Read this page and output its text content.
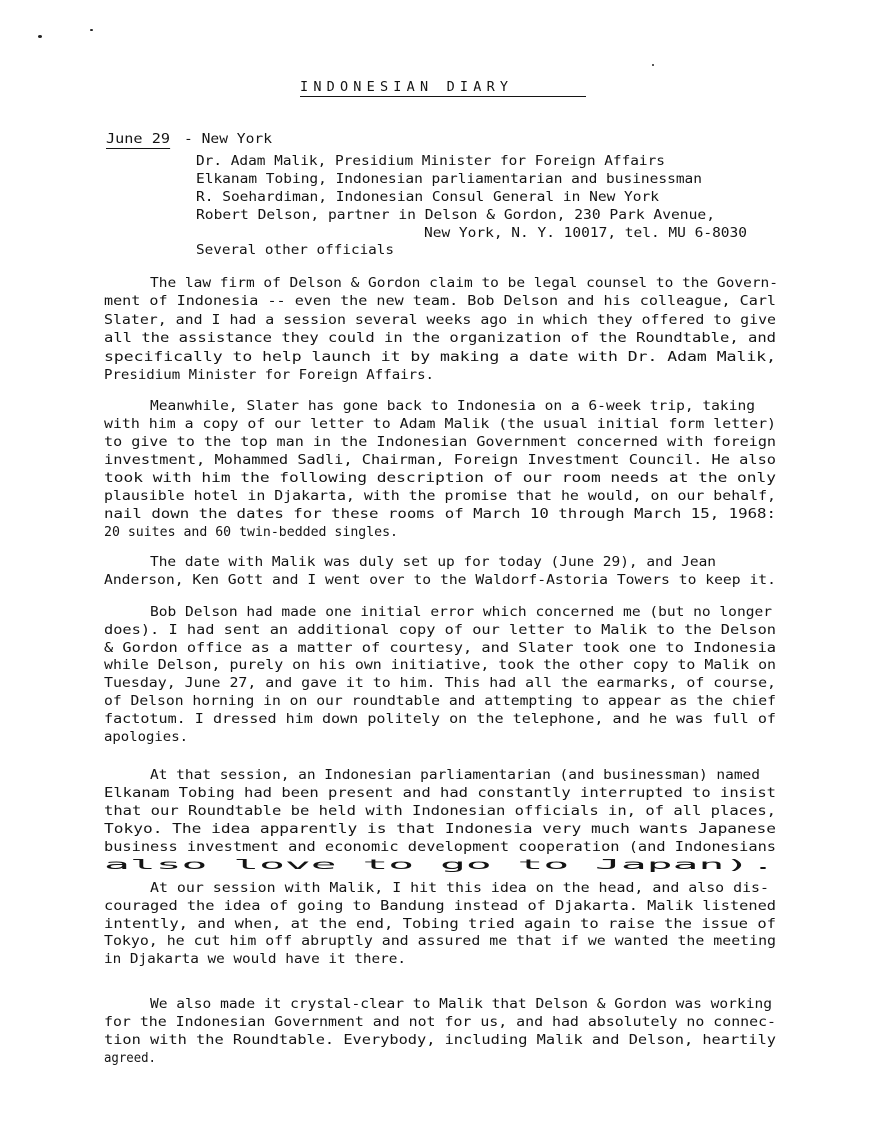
INDONESIAN DIARY
June 29 - New York
Dr. Adam Malik, Presidium Minister for Foreign Affairs
Elkanam Tobing, Indonesian parliamentarian and businessman
R. Soehardiman, Indonesian Consul General in New York
Robert Delson, partner in Delson & Gordon, 230 Park Avenue,
New York, N. Y. 10017, tel. MU 6-8030
Several other officials
The law firm of Delson & Gordon claim to be legal counsel to the Govern-
ment of Indonesia -- even the new team. Bob Delson and his colleague, Carl
Slater, and I had a session several weeks ago in which they offered to give
all the assistance they could in the organization of the Roundtable, and
specifically to help launch it by making a date with Dr. Adam Malik,
Presidium Minister for Foreign Affairs.
Meanwhile, Slater has gone back to Indonesia on a 6-week trip, taking
with him a copy of our letter to Adam Malik (the usual initial form letter)
to give to the top man in the Indonesian Government concerned with foreign
investment, Mohammed Sadli, Chairman, Foreign Investment Council. He also
took with him the following description of our room needs at the only
plausible hotel in Djakarta, with the promise that he would, on our behalf,
nail down the dates for these rooms of March 10 through March 15, 1968:
20 suites and 60 twin-bedded singles.
The date with Malik was duly set up for today (June 29), and Jean
Anderson, Ken Gott and I went over to the Waldorf-Astoria Towers to keep it.
Bob Delson had made one initial error which concerned me (but no longer
does). I had sent an additional copy of our letter to Malik to the Delson
& Gordon office as a matter of courtesy, and Slater took one to Indonesia
while Delson, purely on his own initiative, took the other copy to Malik on
Tuesday, June 27, and gave it to him. This had all the earmarks, of course,
of Delson horning in on our roundtable and attempting to appear as the chief
factotum. I dressed him down politely on the telephone, and he was full of
apologies.
At that session, an Indonesian parliamentarian (and businessman) named
Elkanam Tobing had been present and had constantly interrupted to insist
that our Roundtable be held with Indonesian officials in, of all places,
Tokyo. The idea apparently is that Indonesia very much wants Japanese
business investment and economic development cooperation (and Indonesians
also love to go to Japan).
At our session with Malik, I hit this idea on the head, and also dis-
couraged the idea of going to Bandung instead of Djakarta. Malik listened
intently, and when, at the end, Tobing tried again to raise the issue of
Tokyo, he cut him off abruptly and assured me that if we wanted the meeting
in Djakarta we would have it there.
We also made it crystal-clear to Malik that Delson & Gordon was working
for the Indonesian Government and not for us, and had absolutely no connec-
tion with the Roundtable. Everybody, including Malik and Delson, heartily
agreed.
